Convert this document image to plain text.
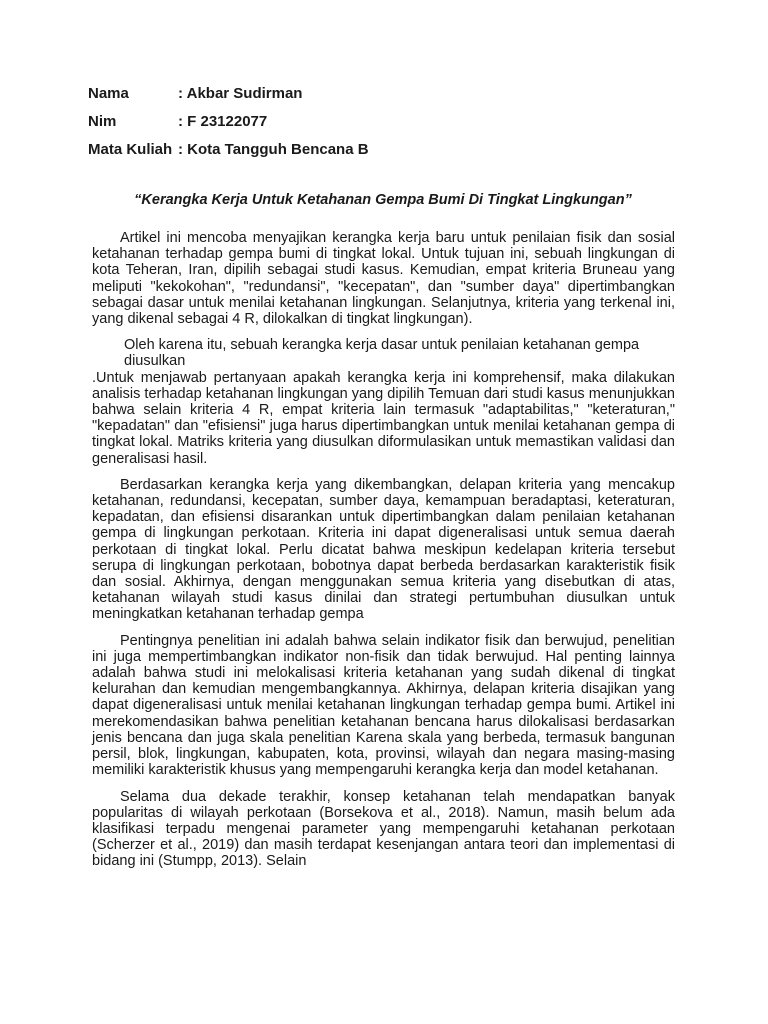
Nama	: Akbar Sudirman
Nim	: F 23122077
Mata Kuliah : Kota Tangguh Bencana B
“Kerangka Kerja Untuk Ketahanan Gempa Bumi Di Tingkat Lingkungan”

Artikel ini mencoba menyajikan kerangka kerja baru untuk penilaian fisik dan sosial ketahanan terhadap gempa bumi di tingkat lokal. Untuk tujuan ini, sebuah lingkungan di kota Teheran, Iran, dipilih sebagai studi kasus. Kemudian, empat kriteria Bruneau yang meliputi "kekokohan", "redundansi", "kecepatan", dan "sumber daya" dipertimbangkan sebagai dasar untuk menilai ketahanan lingkungan. Selanjutnya, kriteria yang terkenal ini, yang dikenal sebagai 4 R, dilokalkan di tingkat lingkungan).

Oleh karena itu, sebuah kerangka kerja dasar untuk penilaian ketahanan gempa
diusulkan

.Untuk menjawab pertanyaan apakah kerangka kerja ini komprehensif, maka dilakukan analisis terhadap ketahanan lingkungan yang dipilih Temuan dari studi kasus menunjukkan bahwa selain kriteria 4 R, empat kriteria lain termasuk "adaptabilitas," "keteraturan," "kepadatan" dan "efisiensi" juga harus dipertimbangkan untuk menilai ketahanan gempa di tingkat lokal. Matriks kriteria yang diusulkan diformulasikan untuk memastikan validasi dan generalisasi hasil.

Berdasarkan kerangka kerja yang dikembangkan, delapan kriteria yang mencakup ketahanan, redundansi, kecepatan, sumber daya, kemampuan beradaptasi, keteraturan, kepadatan, dan efisiensi disarankan untuk dipertimbangkan dalam penilaian ketahanan gempa di lingkungan perkotaan. Kriteria ini dapat digeneralisasi untuk semua daerah perkotaan di tingkat lokal. Perlu dicatat bahwa meskipun kedelapan kriteria tersebut serupa di lingkungan perkotaan, bobotnya dapat berbeda berdasarkan karakteristik fisik dan sosial. Akhirnya, dengan menggunakan semua kriteria yang disebutkan di atas, ketahanan wilayah studi kasus dinilai dan strategi pertumbuhan diusulkan untuk meningkatkan ketahanan terhadap gempa

Pentingnya penelitian ini adalah bahwa selain indikator fisik dan berwujud, penelitian ini juga mempertimbangkan indikator non-fisik dan tidak berwujud. Hal penting lainnya adalah bahwa studi ini melokalisasi kriteria ketahanan yang sudah dikenal di tingkat kelurahan dan kemudian mengembangkannya. Akhirnya, delapan kriteria disajikan yang dapat digeneralisasi untuk menilai ketahanan lingkungan terhadap gempa bumi. Artikel ini merekomendasikan bahwa penelitian ketahanan bencana harus dilokalisasi berdasarkan jenis bencana dan juga skala penelitian Karena skala yang berbeda, termasuk bangunan persil, blok, lingkungan, kabupaten, kota, provinsi, wilayah dan negara masing-masing memiliki karakteristik khusus yang mempengaruhi kerangka kerja dan model ketahanan.

Selama dua dekade terakhir, konsep ketahanan telah mendapatkan banyak popularitas di wilayah perkotaan (Borsekova et al., 2018). Namun, masih belum ada klasifikasi terpadu mengenai parameter yang mempengaruhi ketahanan perkotaan (Scherzer et al., 2019) dan masih terdapat kesenjangan antara teori dan implementasi di bidang ini (Stumpp, 2013). Selain
